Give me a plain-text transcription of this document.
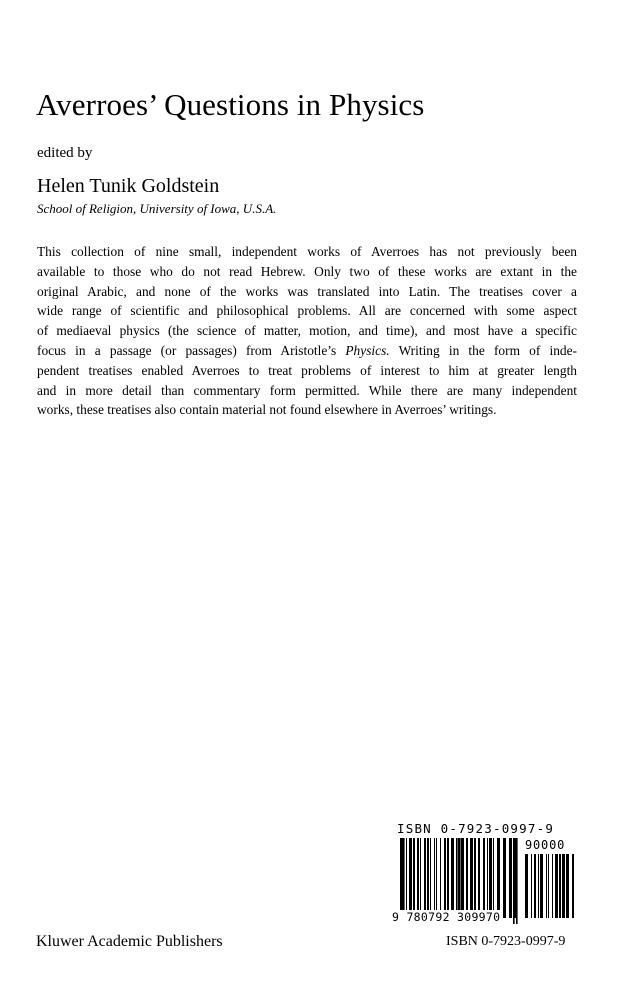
Averroes’ Questions in Physics
edited by
Helen Tunik Goldstein
School of Religion, University of Iowa, U.S.A.
This collection of nine small, independent works of Averroes has not previously been
available to those who do not read Hebrew. Only two of these works are extant in the
original Arabic, and none of the works was translated into Latin. The treatises cover a
wide range of scientific and philosophical problems. All are concerned with some aspect
of mediaeval physics (the science of matter, motion, and time), and most have a specific
focus in a passage (or passages) from Aristotle’s Physics. Writing in the form of inde-
pendent treatises enabled Averroes to treat problems of interest to him at greater length
and in more detail than commentary form permitted. While there are many independent
works, these treatises also contain material not found elsewhere in Averroes’ writings.
ISBN 0-7923-0997-9
90000
9 780792 309970
Kluwer Academic Publishers	ISBN 0-7923-0997-9
